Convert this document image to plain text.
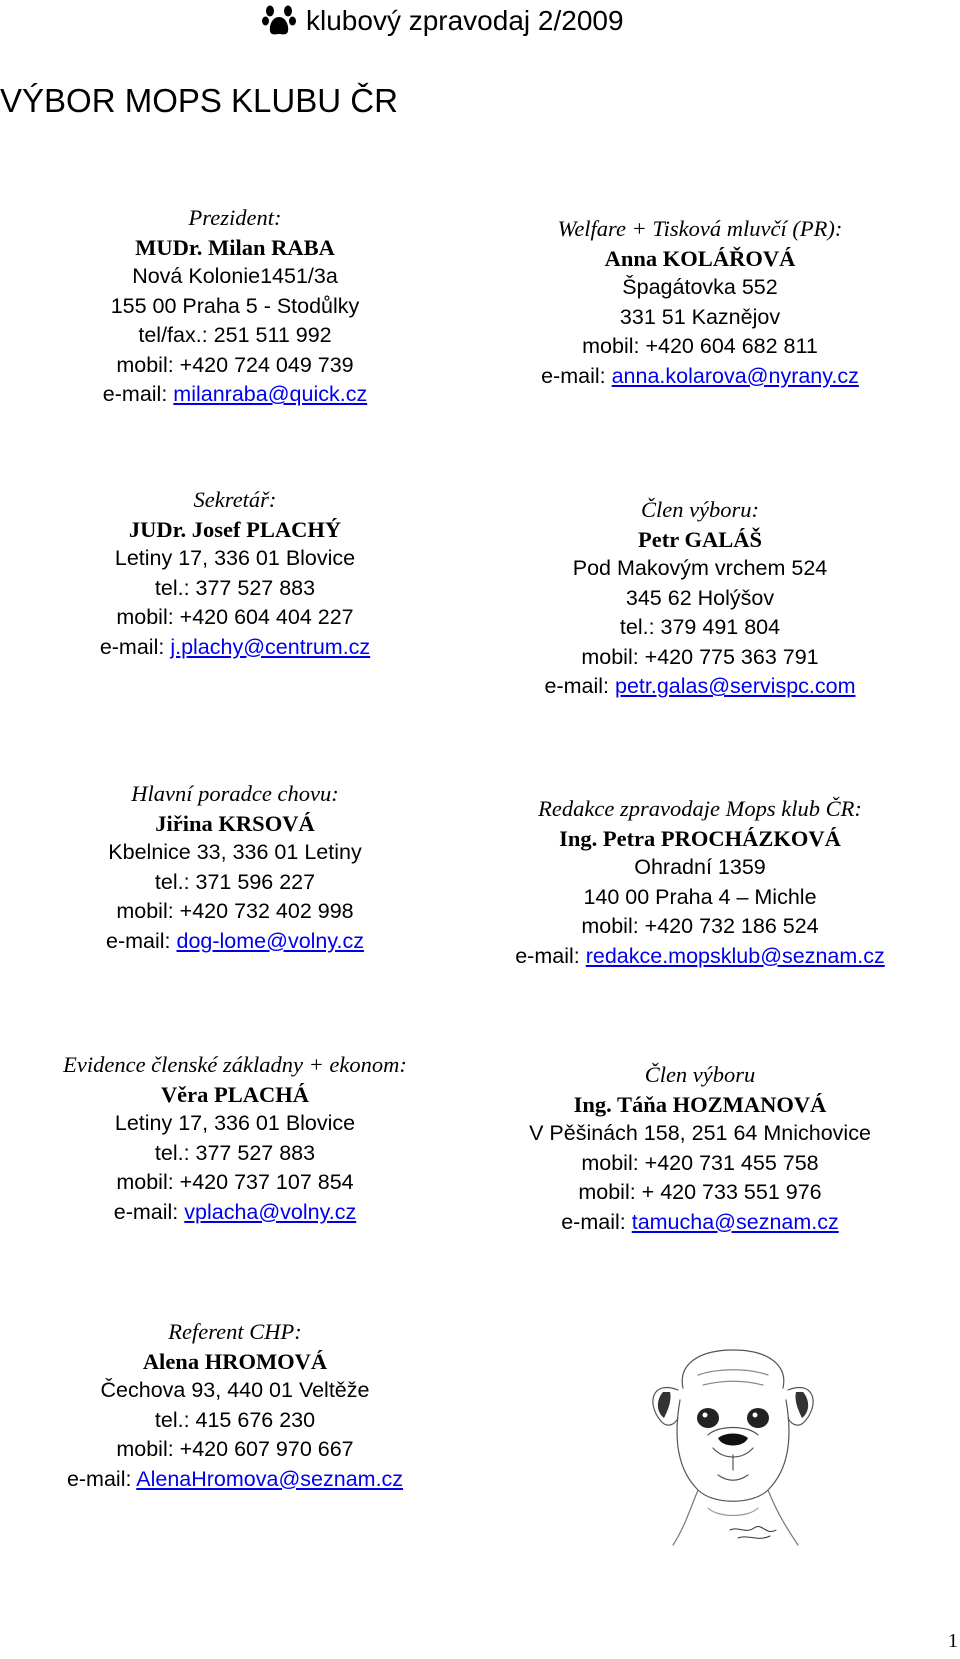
klubový zpravodaj 2/2009
VÝBOR MOPS KLUBU ČR
Prezident:
MUDr. Milan RABA
Nová Kolonie1451/3a
155 00 Praha 5 - Stodůlky
tel/fax.: 251 511 992
mobil: +420 724 049 739
e-mail: milanraba@quick.cz
Welfare + Tisková mluvčí (PR):
Anna KOLÁŘOVÁ
Špagátovka 552
331 51 Kaznějov
mobil: +420 604 682 811
e-mail: anna.kolarova@nyrany.cz
Sekretář:
JUDr. Josef PLACHÝ
Letiny 17, 336 01 Blovice
tel.: 377 527 883
mobil: +420 604 404 227
e-mail: j.plachy@centrum.cz
Člen výboru:
Petr GALÁŠ
Pod Makovým vrchem 524
345 62 Holýšov
tel.: 379 491 804
mobil: +420 775 363 791
e-mail: petr.galas@servispc.com
Hlavní poradce chovu:
Jiřina KRSOVÁ
Kbelnice 33, 336 01 Letiny
tel.: 371 596 227
mobil: +420 732 402 998
e-mail: dog-lome@volny.cz
Redakce zpravodaje Mops klub ČR:
Ing. Petra PROCHÁZKOVÁ
Ohradní 1359
140 00 Praha 4 – Michle
mobil: +420 732 186 524
e-mail: redakce.mopsklub@seznam.cz
Evidence členské základny + ekonom:
Věra PLACHÁ
Letiny 17, 336 01 Blovice
tel.: 377 527 883
mobil: +420 737 107 854
e-mail: vplacha@volny.cz
Člen výboru
Ing. Táňa HOZMANOVÁ
V Pěšinách 158, 251 64 Mnichovice
mobil: +420 731 455 758
mobil: + 420 733 551 976
e-mail: tamucha@seznam.cz
Referent CHP:
Alena HROMOVÁ
Čechova 93, 440 01 Veltěže
tel.: 415 676 230
mobil: +420 607 970 667
e-mail: AlenaHromova@seznam.cz
1
